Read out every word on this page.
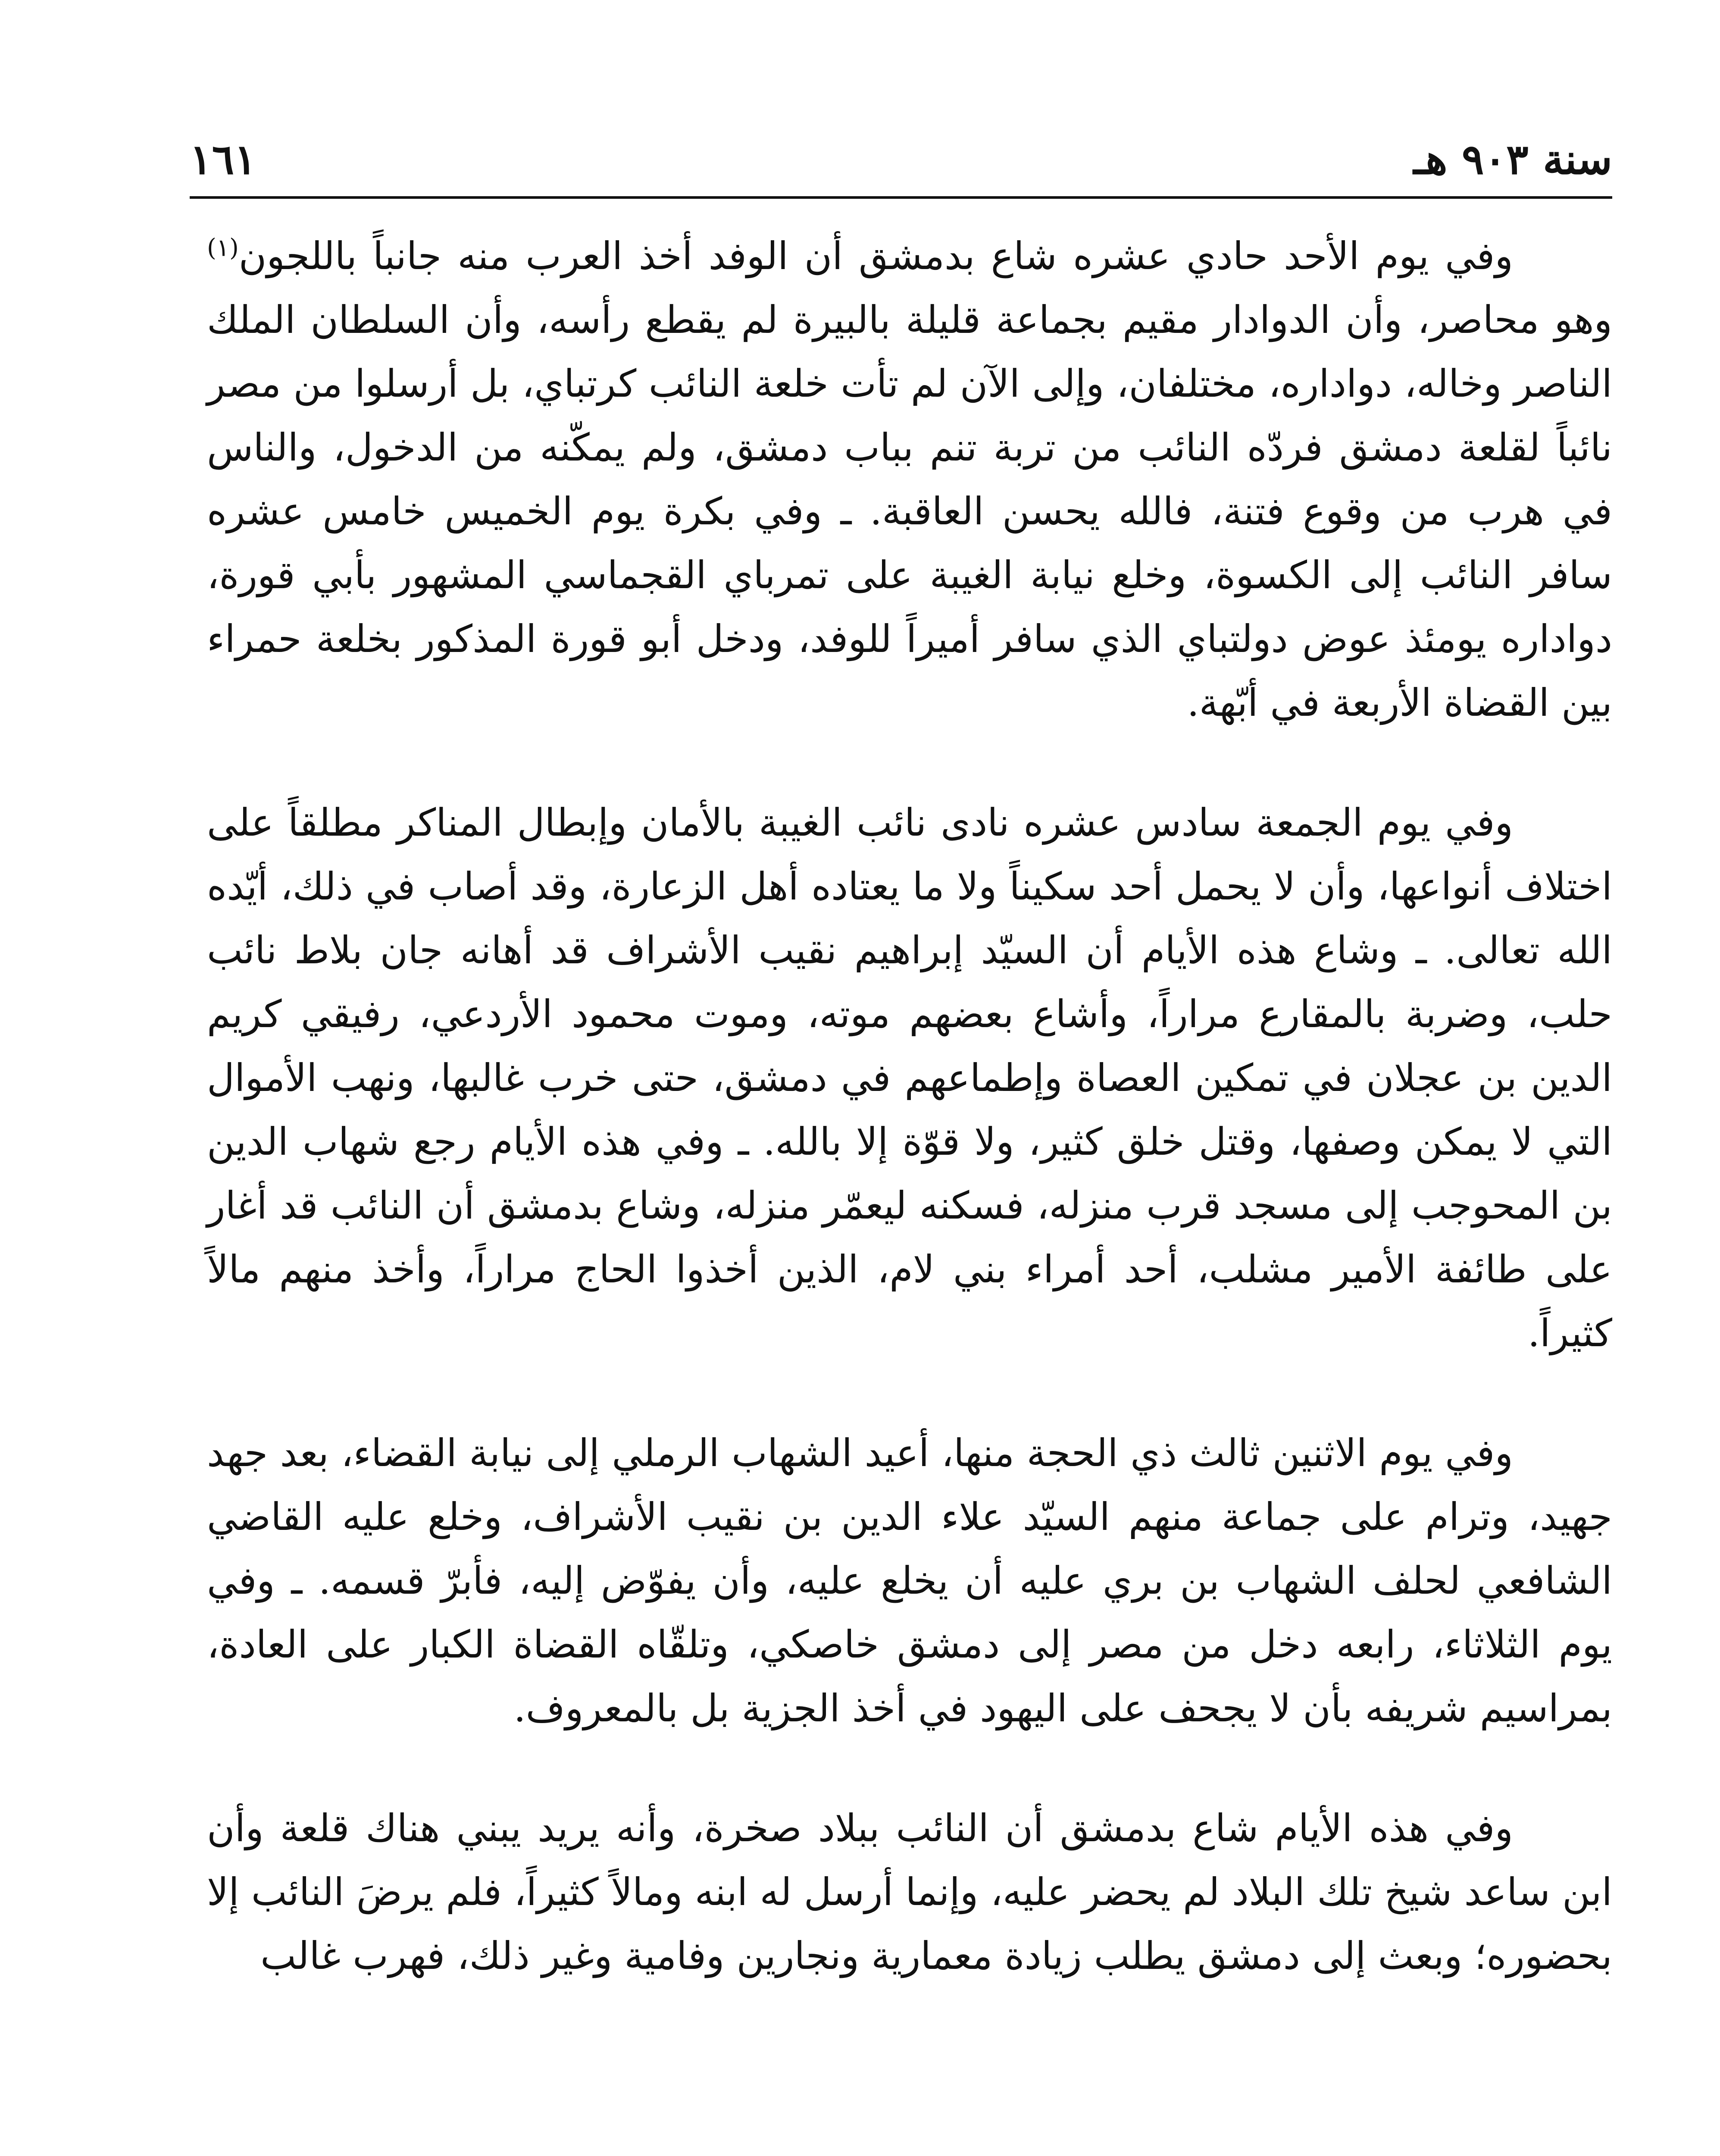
سنة ٩٠٣ هـ
١٦١

وفي يوم الأحد حادي عشره شاع بدمشق أن الوفد أخذ العرب منه جانباً باللجون$^{(١)}$ وهو محاصر، وأن الدوادار مقيم بجماعة قليلة بالبيرة لم يقطع رأسه، وأن السلطان الملك الناصر وخاله، دواداره، مختلفان، وإلى الآن لم تأت خلعة النائب كرتباي، بل أرسلوا من مصر نائباً لقلعة دمشق فردّه النائب من تربة تنم بباب دمشق، ولم يمكّنه من الدخول، والناس في هرب من وقوع فتنة، فالله يحسن العاقبة. ـ وفي بكرة يوم الخميس خامس عشره سافر النائب إلى الكسوة، وخلع نيابة الغيبة على تمرباي القجماسي المشهور بأبي قورة، دواداره يومئذ عوض دولتباي الذي سافر أميراً للوفد، ودخل أبو قورة المذكور بخلعة حمراء بين القضاة الأربعة في أبّهة.

وفي يوم الجمعة سادس عشره نادى نائب الغيبة بالأمان وإبطال المناكر مطلقاً على اختلاف أنواعها، وأن لا يحمل أحد سكيناً ولا ما يعتاده أهل الزعارة، وقد أصاب في ذلك، أيّده الله تعالى. ـ وشاع هذه الأيام أن السيّد إبراهيم نقيب الأشراف قد أهانه جان بلاط نائب حلب، وضربة بالمقارع مراراً، وأشاع بعضهم موته، وموت محمود الأردعي، رفيقي كريم الدين بن عجلان في تمكين العصاة وإطماعهم في دمشق، حتى خرب غالبها، ونهب الأموال التي لا يمكن وصفها، وقتل خلق كثير، ولا قوّة إلا بالله. ـ وفي هذه الأيام رجع شهاب الدين بن المحوجب إلى مسجد قرب منزله، فسكنه ليعمّر منزله، وشاع بدمشق أن النائب قد أغار على طائفة الأمير مشلب، أحد أمراء بني لام، الذين أخذوا الحاج مراراً، وأخذ منهم مالاً كثيراً.

وفي يوم الاثنين ثالث ذي الحجة منها، أعيد الشهاب الرملي إلى نيابة القضاء، بعد جهد جهيد، وترام على جماعة منهم السيّد علاء الدين بن نقيب الأشراف، وخلع عليه القاضي الشافعي لحلف الشهاب بن بري عليه أن يخلع عليه، وأن يفوّض إليه، فأبرّ قسمه. ـ وفي يوم الثلاثاء، رابعه دخل من مصر إلى دمشق خاصكي، وتلقّاه القضاة الكبار على العادة، بمراسيم شريفه بأن لا يجحف على اليهود في أخذ الجزية بل بالمعروف.

وفي هذه الأيام شاع بدمشق أن النائب ببلاد صخرة، وأنه يريد يبني هناك قلعة وأن ابن ساعد شيخ تلك البلاد لم يحضر عليه، وإنما أرسل له ابنه ومالاً كثيراً، فلم يرضَ النائب إلا بحضوره؛ وبعث إلى دمشق يطلب زيادة معمارية ونجارين وفامية وغير ذلك، فهرب غالب
